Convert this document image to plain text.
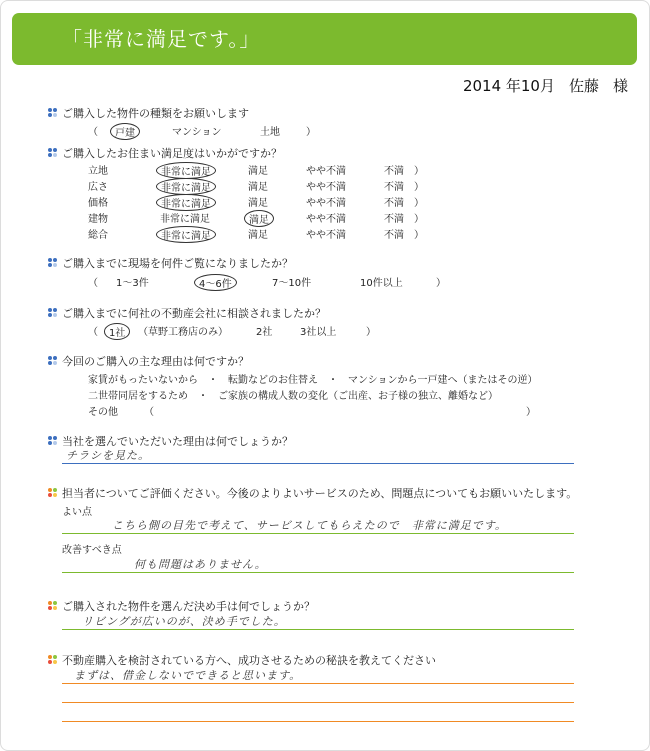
「非常に満足です。」
2014 年10月 佐藤 様
ご購入した物件の種類をお願いします
（	戸建	マンション	土地	）
ご購入したお住まい満足度はいかがですか？
立地	非常に満足	満足	やや不満	不満 ）
広さ	非常に満足	満足	やや不満	不満 ）
価格	非常に満足	満足	やや不満	不満 ）
建物	非常に満足	満足	やや不満	不満 ）
総合	非常に満足	満足	やや不満	不満 ）
ご購入までに現場を何件ご覧になりましたか？
（ 1～3件	4～6件	7～10件	10件以上	）
ご購入までに何社の不動産会社に相談されましたか？
（	1社	（草野工務店のみ）	2社	3社以上	）
今回のご購入の主な理由は何ですか？
家賃がもったいないから　・　転勤などのお住替え　・　マンションから一戸建へ（またはその逆）
二世帯同居をするため　・　ご家族の構成人数の変化（ご出産、お子様の独立、離婚など）
その他	（	）
当社を選んでいただいた理由は何でしょうか？
チラシを見た。
担当者についてご評価ください。今後のよりよいサービスのため、問題点についてもお願いいたします。
よい点
こちら側の目先で考えて、サービスしてもらえたので　非常に満足です。
改善すべき点
何も問題はありません。
ご購入された物件を選んだ決め手は何でしょうか？
リビングが広いのが、決め手でした。
不動産購入を検討されている方へ、成功させるための秘訣を教えてください
まずは、借金しないでできると思います。
